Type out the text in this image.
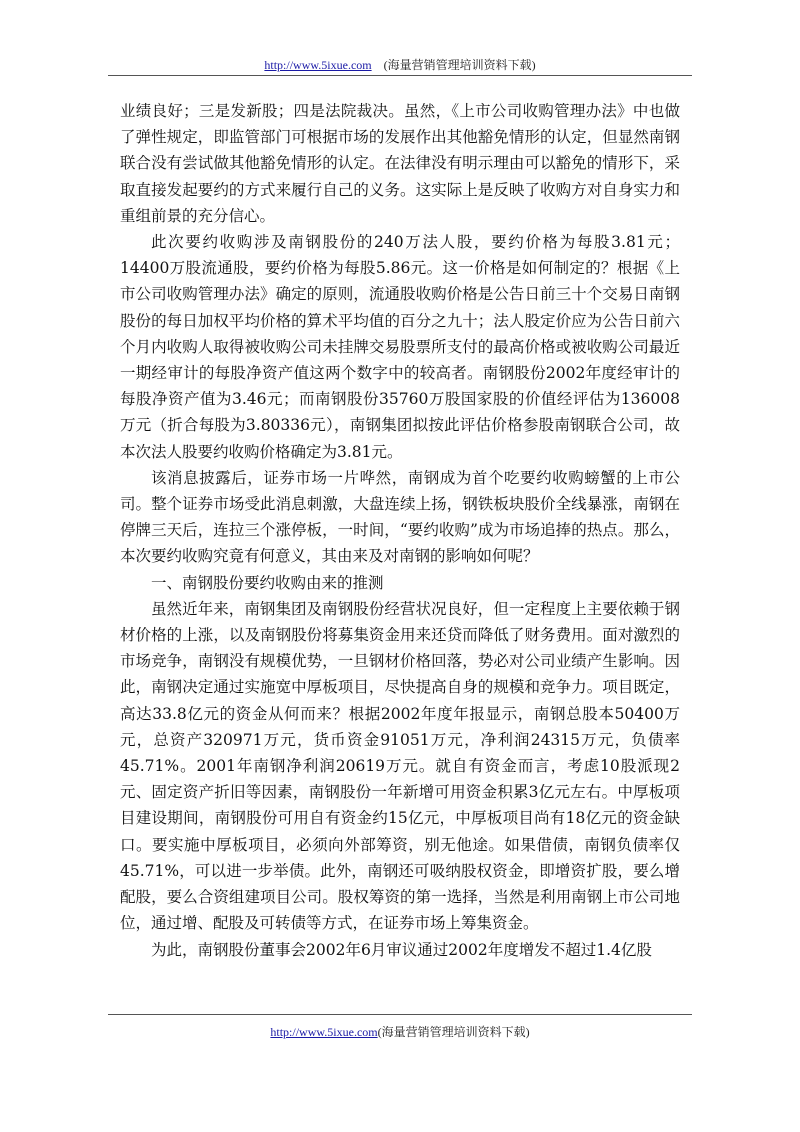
http://www.5ixue.com (海量营销管理培训资料下载)

业绩良好；三是发新股；四是法院裁决。虽然，《上市公司收购管理办法》中也做了弹性规定，即监管部门可根据市场的发展作出其他豁免情形的认定，但显然南钢联合没有尝试做其他豁免情形的认定。在法律没有明示理由可以豁免的情形下，采取直接发起要约的方式来履行自己的义务。这实际上是反映了收购方对自身实力和重组前景的充分信心。

此次要约收购涉及南钢股份的240万法人股，要约价格为每股3.81元；14400万股流通股，要约价格为每股5.86元。这一价格是如何制定的？根据《上市公司收购管理办法》确定的原则，流通股收购价格是公告日前三十个交易日南钢股份的每日加权平均价格的算术平均值的百分之九十；法人股定价应为公告日前六个月内收购人取得被收购公司未挂牌交易股票所支付的最高价格或被收购公司最近一期经审计的每股净资产值这两个数字中的较高者。南钢股份2002年度经审计的每股净资产值为3.46元；而南钢股份35760万股国家股的价值经评估为136008万元（折合每股为3.80336元），南钢集团拟按此评估价格参股南钢联合公司，故本次法人股要约收购价格确定为3.81元。

该消息披露后，证券市场一片哗然，南钢成为首个吃要约收购螃蟹的上市公司。整个证券市场受此消息刺激，大盘连续上扬，钢铁板块股价全线暴涨，南钢在停牌三天后，连拉三个涨停板，一时间，“要约收购”成为市场追捧的热点。那么，本次要约收购究竟有何意义，其由来及对南钢的影响如何呢？

一、南钢股份要约收购由来的推测

虽然近年来，南钢集团及南钢股份经营状况良好，但一定程度上主要依赖于钢材价格的上涨，以及南钢股份将募集资金用来还贷而降低了财务费用。面对激烈的市场竞争，南钢没有规模优势，一旦钢材价格回落，势必对公司业绩产生影响。因此，南钢决定通过实施宽中厚板项目，尽快提高自身的规模和竞争力。项目既定，高达33.8亿元的资金从何而来？根据2002年度年报显示，南钢总股本50400万元，总资产320971万元，货币资金91051万元，净利润24315万元，负债率45.71%。2001年南钢净利润20619万元。就自有资金而言，考虑10股派现2元、固定资产折旧等因素，南钢股份一年新增可用资金积累3亿元左右。中厚板项目建设期间，南钢股份可用自有资金约15亿元，中厚板项目尚有18亿元的资金缺口。要实施中厚板项目，必须向外部筹资，别无他途。如果借债，南钢负债率仅45.71%，可以进一步举债。此外，南钢还可吸纳股权资金，即增资扩股，要么增配股，要么合资组建项目公司。股权筹资的第一选择，当然是利用南钢上市公司地位，通过增、配股及可转债等方式，在证券市场上筹集资金。

为此，南钢股份董事会2002年6月审议通过2002年度增发不超过1.4亿股

http://www.5ixue.com(海量营销管理培训资料下载)
